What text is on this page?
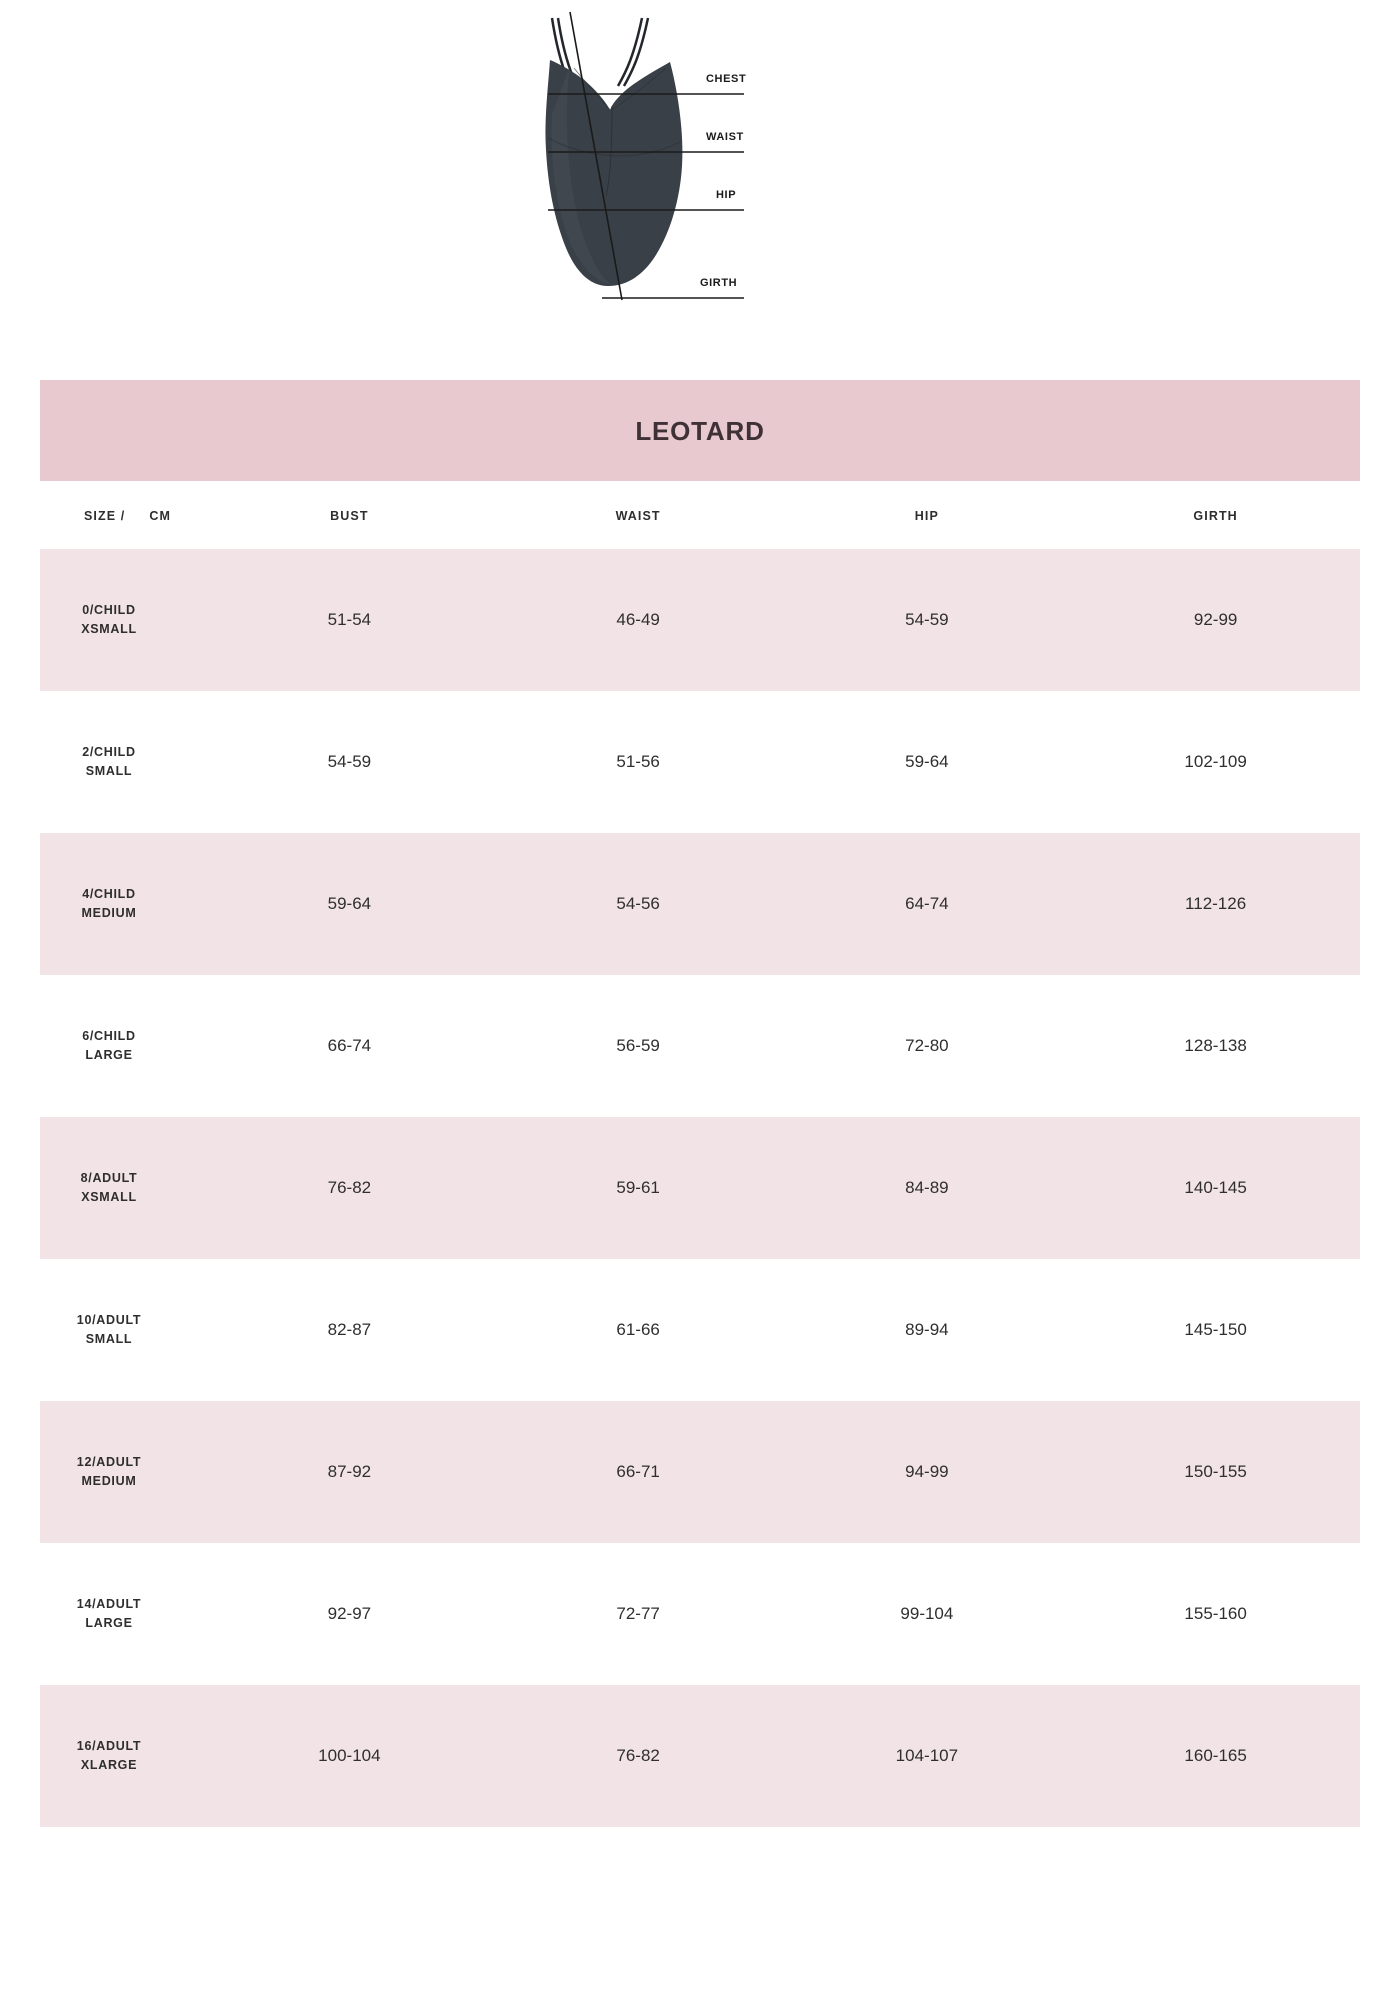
CHEST
WAIST
HIP
GIRTH
LEOTARD
SIZE / CM	BUST	WAIST	HIP	GIRTH

0/CHILD
XSMALL	51-54	46-49	54-59	92-99

2/CHILD
SMALL	54-59	51-56	59-64	102-109

4/CHILD
MEDIUM	59-64	54-56	64-74	112-126

6/CHILD
LARGE	66-74	56-59	72-80	128-138

8/ADULT
XSMALL	76-82	59-61	84-89	140-145

10/ADULT
SMALL	82-87	61-66	89-94	145-150

12/ADULT
MEDIUM	87-92	66-71	94-99	150-155

14/ADULT
LARGE	92-97	72-77	99-104	155-160

16/ADULT
XLARGE	100-104	76-82	104-107	160-165
